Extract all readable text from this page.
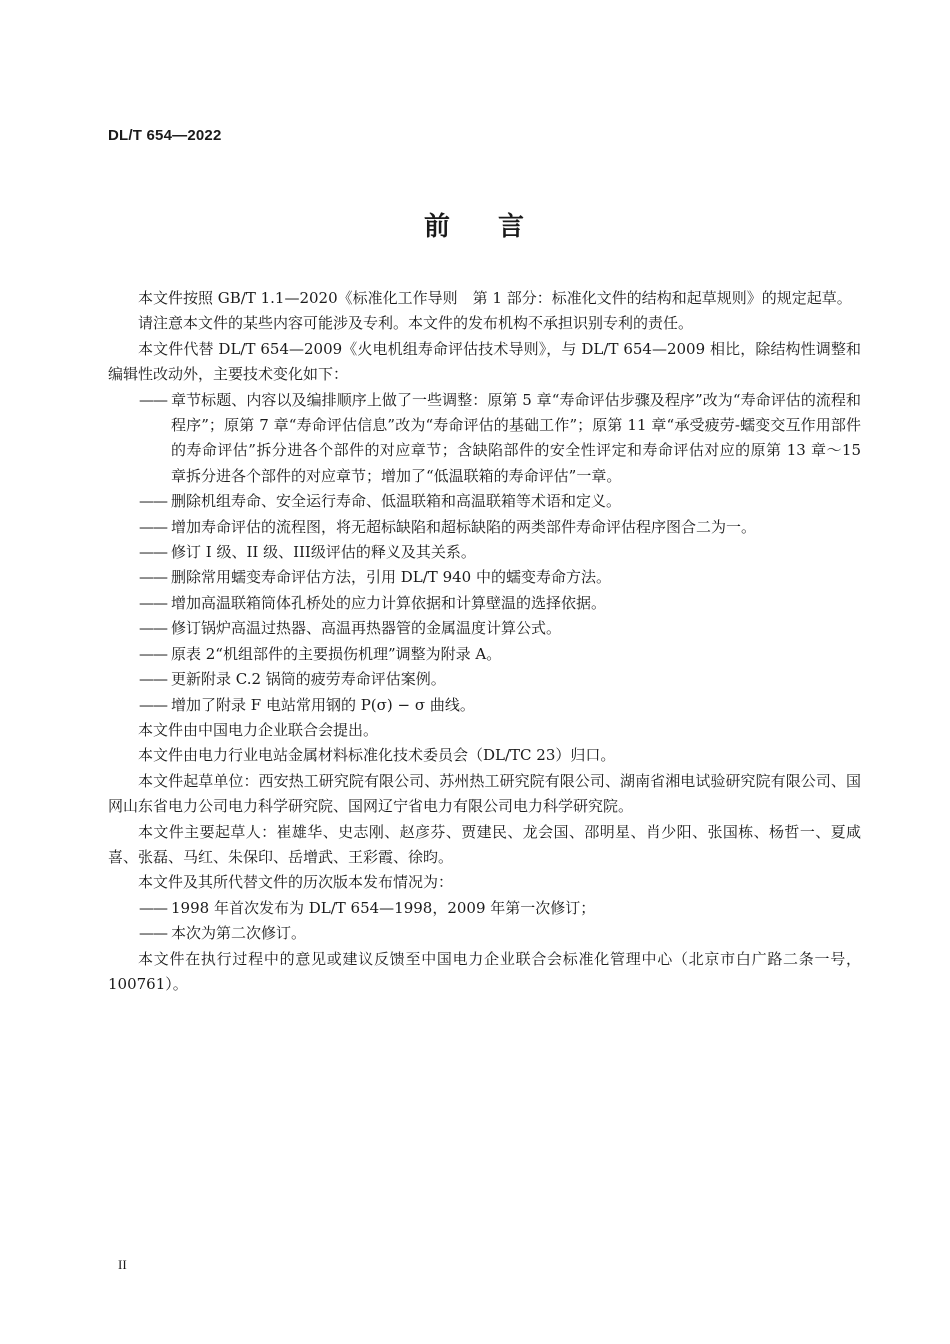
DL/T 654—2022
前 言

本文件按照 GB/T 1.1—2020《标准化工作导则　第 1 部分：标准化文件的结构和起草规则》的规定起草。

请注意本文件的某些内容可能涉及专利。本文件的发布机构不承担识别专利的责任。

本文件代替 DL/T 654—2009《火电机组寿命评估技术导则》，与 DL/T 654—2009 相比，除结构性调整和编辑性改动外，主要技术变化如下：

—— 章节标题、内容以及编排顺序上做了一些调整：原第 5 章“寿命评估步骤及程序”改为“寿命评估的流程和程序”；原第 7 章“寿命评估信息”改为“寿命评估的基础工作”；原第 11 章“承受疲劳-蠕变交互作用部件的寿命评估”拆分进各个部件的对应章节；含缺陷部件的安全性评定和寿命评估对应的原第 13 章～15 章拆分进各个部件的对应章节；增加了“低温联箱的寿命评估”一章。

—— 删除机组寿命、安全运行寿命、低温联箱和高温联箱等术语和定义。

—— 增加寿命评估的流程图，将无超标缺陷和超标缺陷的两类部件寿命评估程序图合二为一。

—— 修订 I 级、II 级、III级评估的释义及其关系。

—— 删除常用蠕变寿命评估方法，引用 DL/T 940 中的蠕变寿命方法。

—— 增加高温联箱筒体孔桥处的应力计算依据和计算壁温的选择依据。

—— 修订锅炉高温过热器、高温再热器管的金属温度计算公式。

—— 原表 2“机组部件的主要损伤机理”调整为附录 A。

—— 更新附录 C.2 锅筒的疲劳寿命评估案例。

—— 增加了附录 F 电站常用钢的 P(σ) − σ 曲线。

本文件由中国电力企业联合会提出。

本文件由电力行业电站金属材料标准化技术委员会（DL/TC 23）归口。

本文件起草单位：西安热工研究院有限公司、苏州热工研究院有限公司、湖南省湘电试验研究院有限公司、国网山东省电力公司电力科学研究院、国网辽宁省电力有限公司电力科学研究院。

本文件主要起草人：崔雄华、史志刚、赵彦芬、贾建民、龙会国、邵明星、肖少阳、张国栋、杨哲一、夏咸喜、张磊、马红、朱保印、岳增武、王彩霞、徐昀。

本文件及其所代替文件的历次版本发布情况为：

—— 1998 年首次发布为 DL/T 654—1998，2009 年第一次修订；

—— 本次为第二次修订。

本文件在执行过程中的意见或建议反馈至中国电力企业联合会标准化管理中心（北京市白广路二条一号，100761）。

II
